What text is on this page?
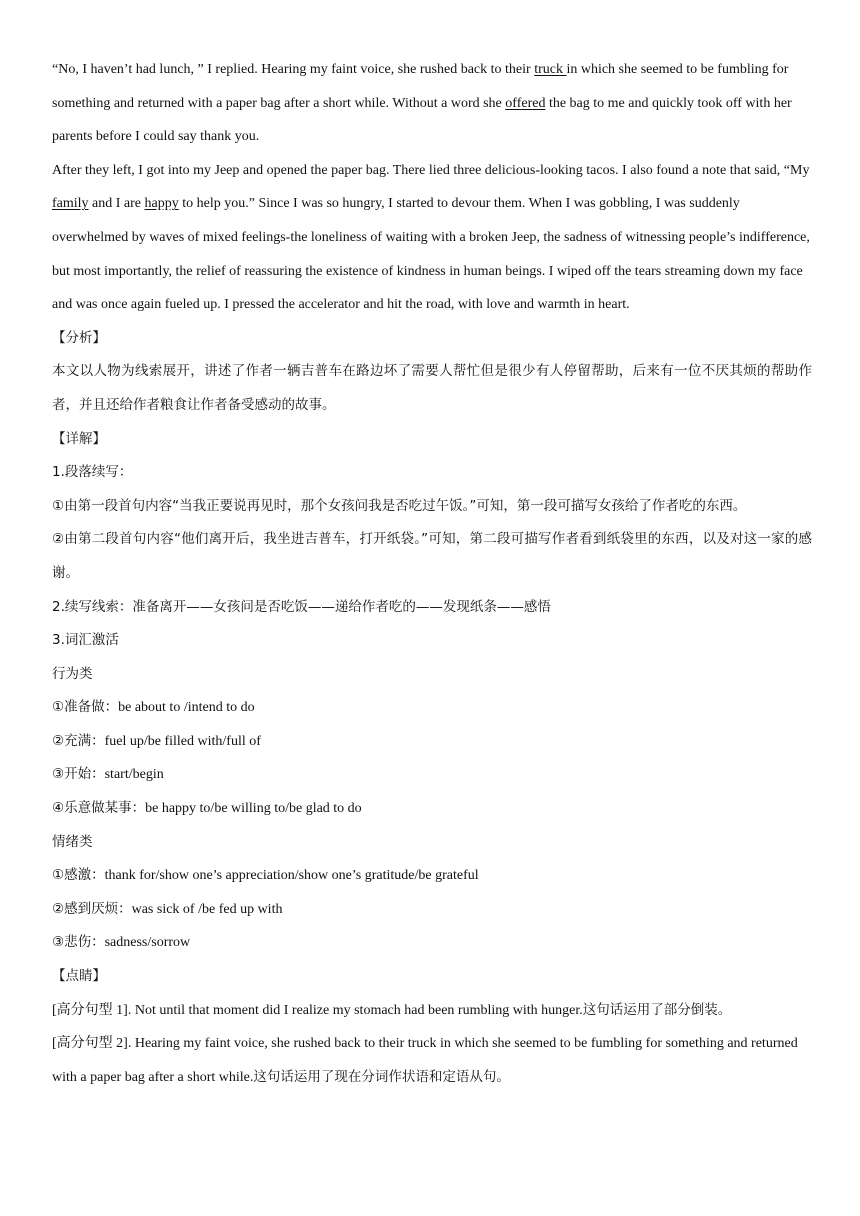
“No, I haven’t had lunch, ” I replied. Hearing my faint voice, she rushed back to their truck in which she seemed to be fumbling for something and returned with a paper bag after a short while. Without a word she offered the bag to me and quickly took off with her parents before I could say thank you.

After they left, I got into my Jeep and opened the paper bag. There lied three delicious-looking tacos. I also found a note that said, “My family and I are happy to help you.” Since I was so hungry, I started to devour them. When I was gobbling, I was suddenly overwhelmed by waves of mixed feelings-the loneliness of waiting with a broken Jeep, the sadness of witnessing people’s indifference, but most importantly, the relief of reassuring the existence of kindness in human beings. I wiped off the tears streaming down my face and was once again fueled up. I pressed the accelerator and hit the road, with love and warmth in heart.

【分析】

本文以人物为线索展开，讲述了作者一辆吉普车在路边坏了需要人帮忙但是很少有人停留帮助，后来有一位不厌其烦的帮助作者，并且还给作者粮食让作者备受感动的故事。

【详解】

1.段落续写：

①由第一段首句内容“当我正要说再见时，那个女孩问我是否吃过午饭。”可知，第一段可描写女孩给了作者吃的东西。

②由第二段首句内容“他们离开后，我坐进吉普车，打开纸袋。”可知，第二段可描写作者看到纸袋里的东西，以及对这一家的感谢。

2.续写线索：准备离开——女孩问是否吃饭——递给作者吃的——发现纸条——感悟

3.词汇激活

行为类

①准备做：be about to /intend to do

②充满：fuel up/be filled with/full of

③开始：start/begin

④乐意做某事：be happy to/be willing to/be glad to do

情绪类

①感激：thank for/show one’s appreciation/show one’s gratitude/be grateful

②感到厌烦：was sick of /be fed up with

③悲伤：sadness/sorrow

【点睛】

[高分句型 1]. Not until that moment did I realize my stomach had been rumbling with hunger.这句话运用了部分倒装。

[高分句型 2]. Hearing my faint voice, she rushed back to their truck in which she seemed to be fumbling for something and returned with a paper bag after a short while.这句话运用了现在分词作状语和定语从句。
